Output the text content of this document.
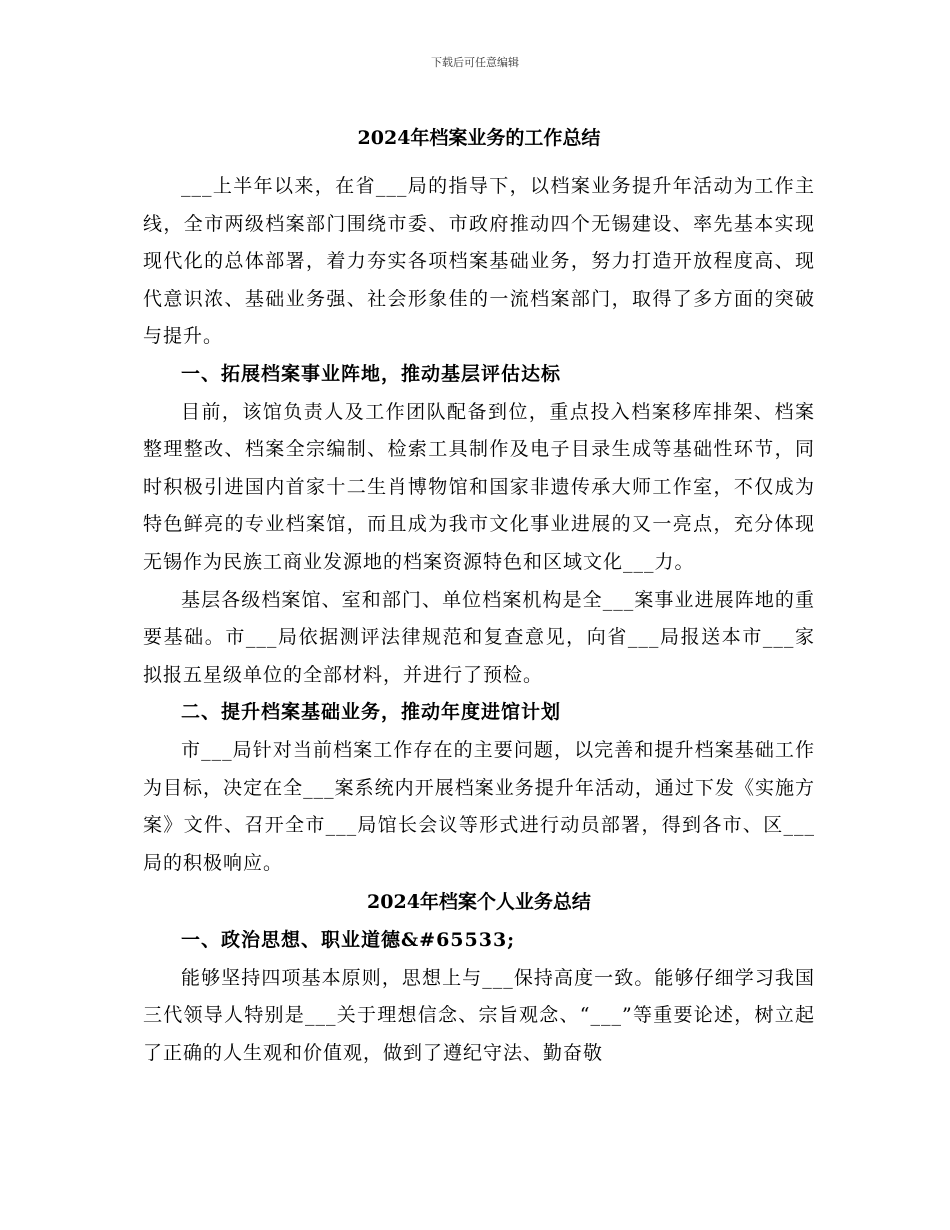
下载后可任意编辑
2024年档案业务的工作总结

___上半年以来，在省___局的指导下，以档案业务提升年活动为工作主线，全市两级档案部门围绕市委、市政府推动四个无锡建设、率先基本实现现代化的总体部署，着力夯实各项档案基础业务，努力打造开放程度高、现代意识浓、基础业务强、社会形象佳的一流档案部门，取得了多方面的突破与提升。

一、拓展档案事业阵地，推动基层评估达标

目前，该馆负责人及工作团队配备到位，重点投入档案移库排架、档案整理整改、档案全宗编制、检索工具制作及电子目录生成等基础性环节，同时积极引进国内首家十二生肖博物馆和国家非遗传承大师工作室，不仅成为特色鲜亮的专业档案馆，而且成为我市文化事业进展的又一亮点，充分体现无锡作为民族工商业发源地的档案资源特色和区域文化___力。

基层各级档案馆、室和部门、单位档案机构是全___案事业进展阵地的重要基础。市___局依据测评法律规范和复查意见，向省___局报送本市___家拟报五星级单位的全部材料，并进行了预检。

二、提升档案基础业务，推动年度进馆计划

市___局针对当前档案工作存在的主要问题，以完善和提升档案基础工作为目标，决定在全___案系统内开展档案业务提升年活动，通过下发《实施方案》文件、召开全市___局馆长会议等形式进行动员部署，得到各市、区___局的积极响应。

2024年档案个人业务总结

一、政治思想、职业道德&#65533;

能够坚持四项基本原则，思想上与___保持高度一致。能够仔细学习我国三代领导人特别是___关于理想信念、宗旨观念、“___”等重要论述，树立起了正确的人生观和价值观，做到了遵纪守法、勤奋敬
